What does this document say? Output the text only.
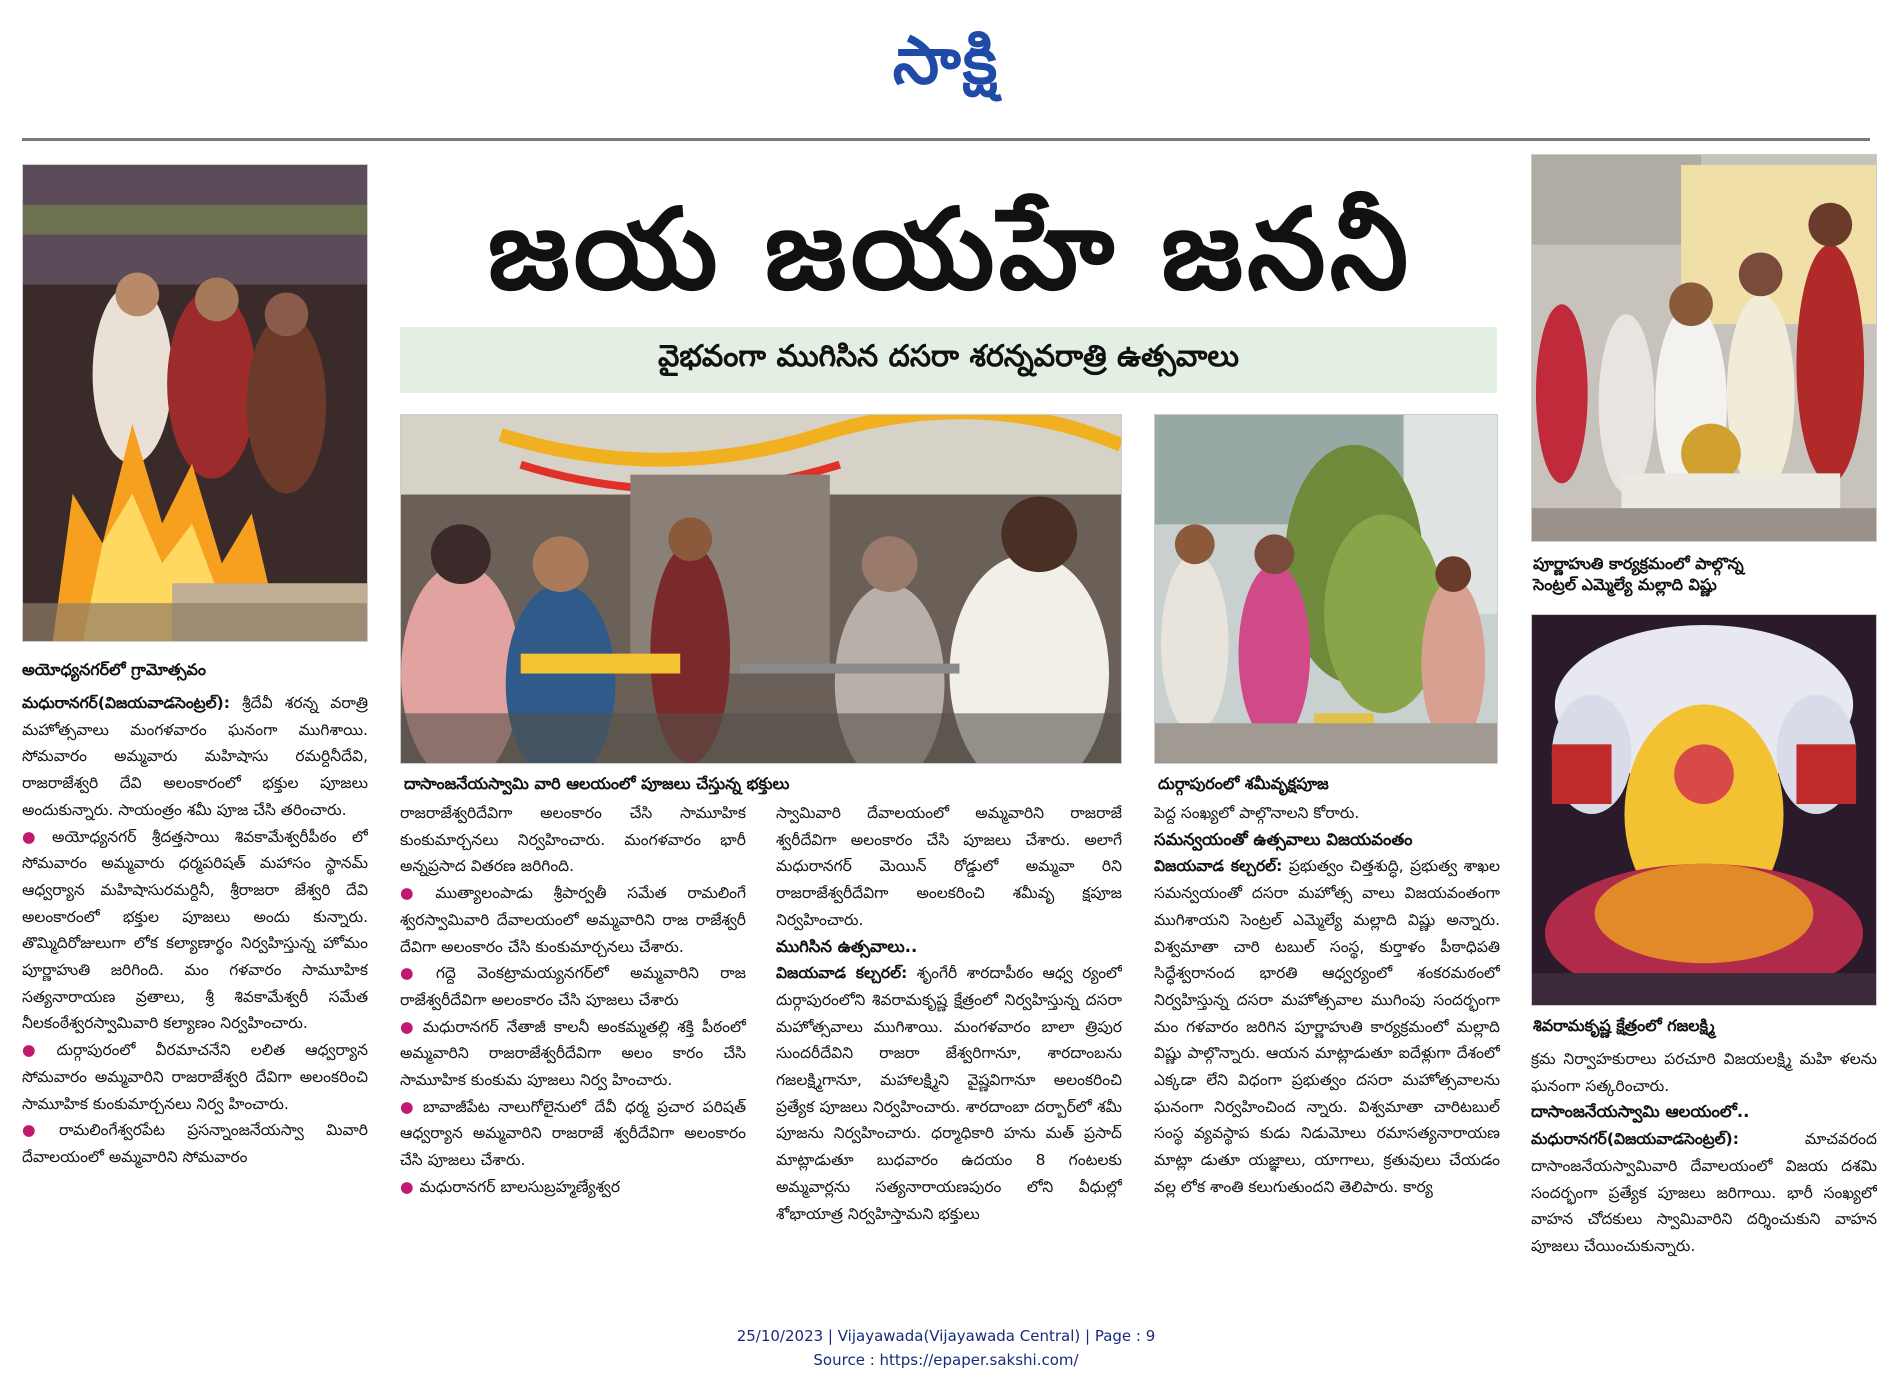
సాక్షి
అయోధ్యనగర్‌లో గ్రామోత్సవం
జయ జయహే జననీ
వైభవంగా ముగిసిన దసరా శరన్నవరాత్రి ఉత్సవాలు
దాసాంజనేయస్వామి వారి ఆలయంలో పూజలు చేస్తున్న భక్తులు	దుర్గాపురంలో శమీవృక్షపూజ
పూర్ణాహుతి కార్యక్రమంలో పాల్గొన్న
సెంట్రల్ ఎమ్మెల్యే మల్లాది విష్ణు
శివరామకృష్ణ క్షేత్రంలో గజలక్ష్మి

మధురానగర్(విజయవాడసెంట్రల్): శ్రీదేవీ శరన్న వరాత్రి మహోత్సవాలు మంగళవారం ఘనంగా ముగిశాయి. సోమవారం అమ్మవారు మహిషాసు రమర్దినీదేవి, రాజరాజేశ్వరి దేవి అలంకారంలో భక్తుల పూజలు అందుకున్నారు. సాయంత్రం శమీ పూజ చేసి తరించారు.

● అయోధ్యనగర్ శ్రీదత్తసాయి శివకామేశ్వరీపీఠం లో సోమవారం అమ్మవారు ధర్మపరిషత్ మహాసం స్థానమ్ ఆధ్వర్యాన మహిషాసురమర్దినీ, శ్రీరాజరా జేశ్వరి దేవి అలంకారంలో భక్తుల పూజలు అందు కున్నారు. తొమ్మిదిరోజులుగా లోక కల్యాణార్థం నిర్వహిస్తున్న హోమం పూర్ణాహుతి జరిగింది. మం గళవారం సామూహిక సత్యనారాయణ వ్రతాలు, శ్రీ శివకామేశ్వరీ సమేత నీలకంఠేశ్వరస్వామివారి కల్యాణం నిర్వహించారు.

● దుర్గాపురంలో వీరమాచనేని లలిత ఆధ్వర్యాన సోమవారం అమ్మవారిని రాజరాజేశ్వరి దేవిగా అలంకరించి సామూహిక కుంకుమార్చనలు నిర్వ హించారు.

● రామలింగేశ్వరపేట ప్రసన్నాంజనేయస్వా మివారి దేవాలయంలో అమ్మవారిని సోమవారం

రాజరాజేశ్వరిదేవిగా అలంకారం చేసి సామూహిక కుంకుమార్చనలు నిర్వహించారు. మంగళవారం భారీ అన్నప్రసాద వితరణ జరిగింది.

● ముత్యాలంపాడు శ్రీపార్వతీ సమేత రామలింగే శ్వరస్వామివారి దేవాలయంలో అమ్మవారిని రాజ రాజేశ్వరీ దేవిగా అలంకారం చేసి కుంకుమార్చనలు చేశారు.

● గద్దె వెంకట్రామయ్యనగర్‌లో అమ్మవారిని రాజ రాజేశ్వరీదేవిగా అలంకారం చేసి పూజలు చేశారు

● మధురానగర్ నేతాజీ కాలనీ అంకమ్మతల్లి శక్తి పీఠంలో అమ్మవారిని రాజరాజేశ్వరీదేవిగా అలం కారం చేసి సామూహిక కుంకుమ పూజలు నిర్వ హించారు.

● బావాజీపేట నాలుగోలైనులో దేవీ ధర్మ ప్రచార పరిషత్ ఆధ్వర్యాన అమ్మవారిని రాజరాజే శ్వరీదేవిగా అలంకారం చేసి పూజలు చేశారు.

● మధురానగర్ బాలసుబ్రహ్మణ్యేశ్వర

స్వామివారి దేవాలయంలో అమ్మవారిని రాజరాజే శ్వరీదేవిగా అలంకారం చేసి పూజలు చేశారు. అలాగే మధురానగర్ మెయిన్ రోడ్డులో అమ్మవా రిని రాజరాజేశ్వరీదేవిగా అంలకరించి శమీవృ క్షపూజ నిర్వహించారు.

ముగిసిన ఉత్సవాలు..

విజయవాడ కల్చరల్: శృంగేరీ శారదాపీఠం ఆధ్వ ర్యంలో దుర్గాపురంలోని శివరామకృష్ణ క్షేత్రంలో నిర్వహిస్తున్న దసరా మహోత్సవాలు ముగిశాయి. మంగళవారం బాలా త్రిపుర సుందరీదేవిని రాజరా జేశ్వరిగానూ, శారదాంబను గజలక్ష్మిగానూ, మహాలక్ష్మిని వైష్ణవిగానూ అలంకరించి ప్రత్యేక పూజలు నిర్వహించారు. శారదాంబా దర్బార్‌లో శమీ పూజను నిర్వహించారు. ధర్మాధికారి హను మత్ ప్రసాద్ మాట్లాడుతూ బుధవారం ఉదయం 8 గంటలకు అమ్మవార్లను సత్యనారాయణపురం లోని వీధుల్లో శోభాయాత్ర నిర్వహిస్తామని భక్తులు

పెద్ద సంఖ్యలో పాల్గొనాలని కోరారు.

సమన్వయంతో ఉత్సవాలు విజయవంతం

విజయవాడ కల్చరల్: ప్రభుత్వం చిత్తశుద్ధి, ప్రభుత్వ శాఖల సమన్వయంతో దసరా మహోత్స వాలు విజయవంతంగా ముగిశాయని సెంట్రల్ ఎమ్మెల్యే మల్లాది విష్ణు అన్నారు. విశ్వమాతా చారి టబుల్ సంస్థ, కుర్తాళం పీఠాధిపతి సిద్ధేశ్వరానంద భారతి ఆధ్వర్యంలో శంకరమఠంలో నిర్వహిస్తున్న దసరా మహోత్సవాల ముగింపు సందర్భంగా మం గళవారం జరిగిన పూర్ణాహుతి కార్యక్రమంలో మల్లాది విష్ణు పాల్గొన్నారు. ఆయన మాట్లాడుతూ ఐదేళ్లుగా దేశంలో ఎక్కడా లేని విధంగా ప్రభుత్వం దసరా మహోత్సవాలను ఘనంగా నిర్వహించింద న్నారు. విశ్వమాతా చారిటబుల్ సంస్థ వ్యవస్థాప కుడు నిడుమోలు రమాసత్యనారాయణ మాట్లా డుతూ యజ్ఞాలు, యాగాలు, క్రతువులు చేయడం వల్ల లోక శాంతి కలుగుతుందని తెలిపారు. కార్య

క్రమ నిర్వాహకురాలు పరచూరి విజయలక్ష్మి మహి ళలను ఘనంగా సత్కరించారు.

దాసాంజనేయస్వామి ఆలయంలో..

మధురానగర్(విజయవాడసెంట్రల్): మాచవరంద దాసాంజనేయస్వామివారి దేవాలయంలో విజయ దశమి సందర్భంగా ప్రత్యేక పూజలు జరిగాయి. భారీ సంఖ్యలో వాహన చోదకులు స్వామివారిని దర్శించుకుని వాహన పూజలు చేయించుకున్నారు.

25/10/2023 | Vijayawada(Vijayawada Central) | Page : 9
Source : https://epaper.sakshi.com/
